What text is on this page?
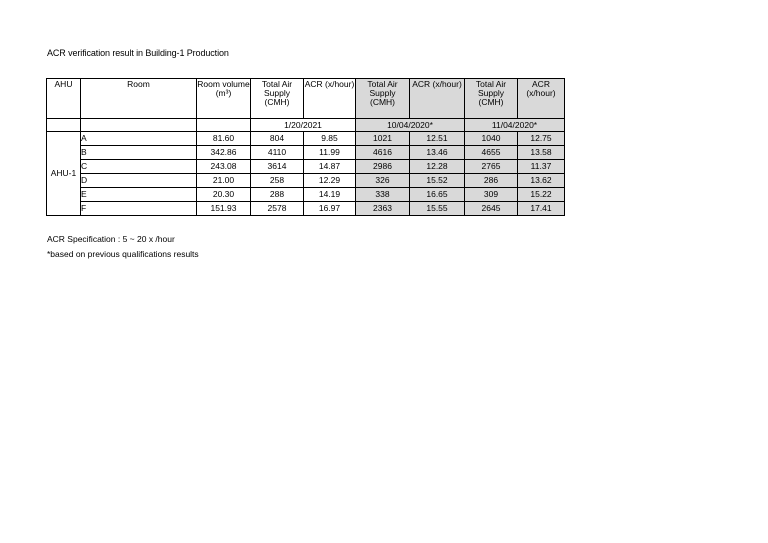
ACR verification result in Building-1 Production
AHU	Room	Room volume (m³)	Total Air Supply (CMH)	ACR (x/hour)	Total Air Supply (CMH)	ACR (x/hour)	Total Air Supply (CMH)	ACR (x/hour)
			1/20/2021		10/04/2020*		11/04/2020*	
AHU-1	A	81.60	804	9.85	1021	12.51	1040	12.75
	B	342.86	4110	11.99	4616	13.46	4655	13.58
	C	243.08	3614	14.87	2986	12.28	2765	11.37
	D	21.00	258	12.29	326	15.52	286	13.62
	E	20.30	288	14.19	338	16.65	309	15.22
	F	151.93	2578	16.97	2363	15.55	2645	17.41
ACR Specification : 5 ~ 20 x /hour
*based on previous qualifications results
